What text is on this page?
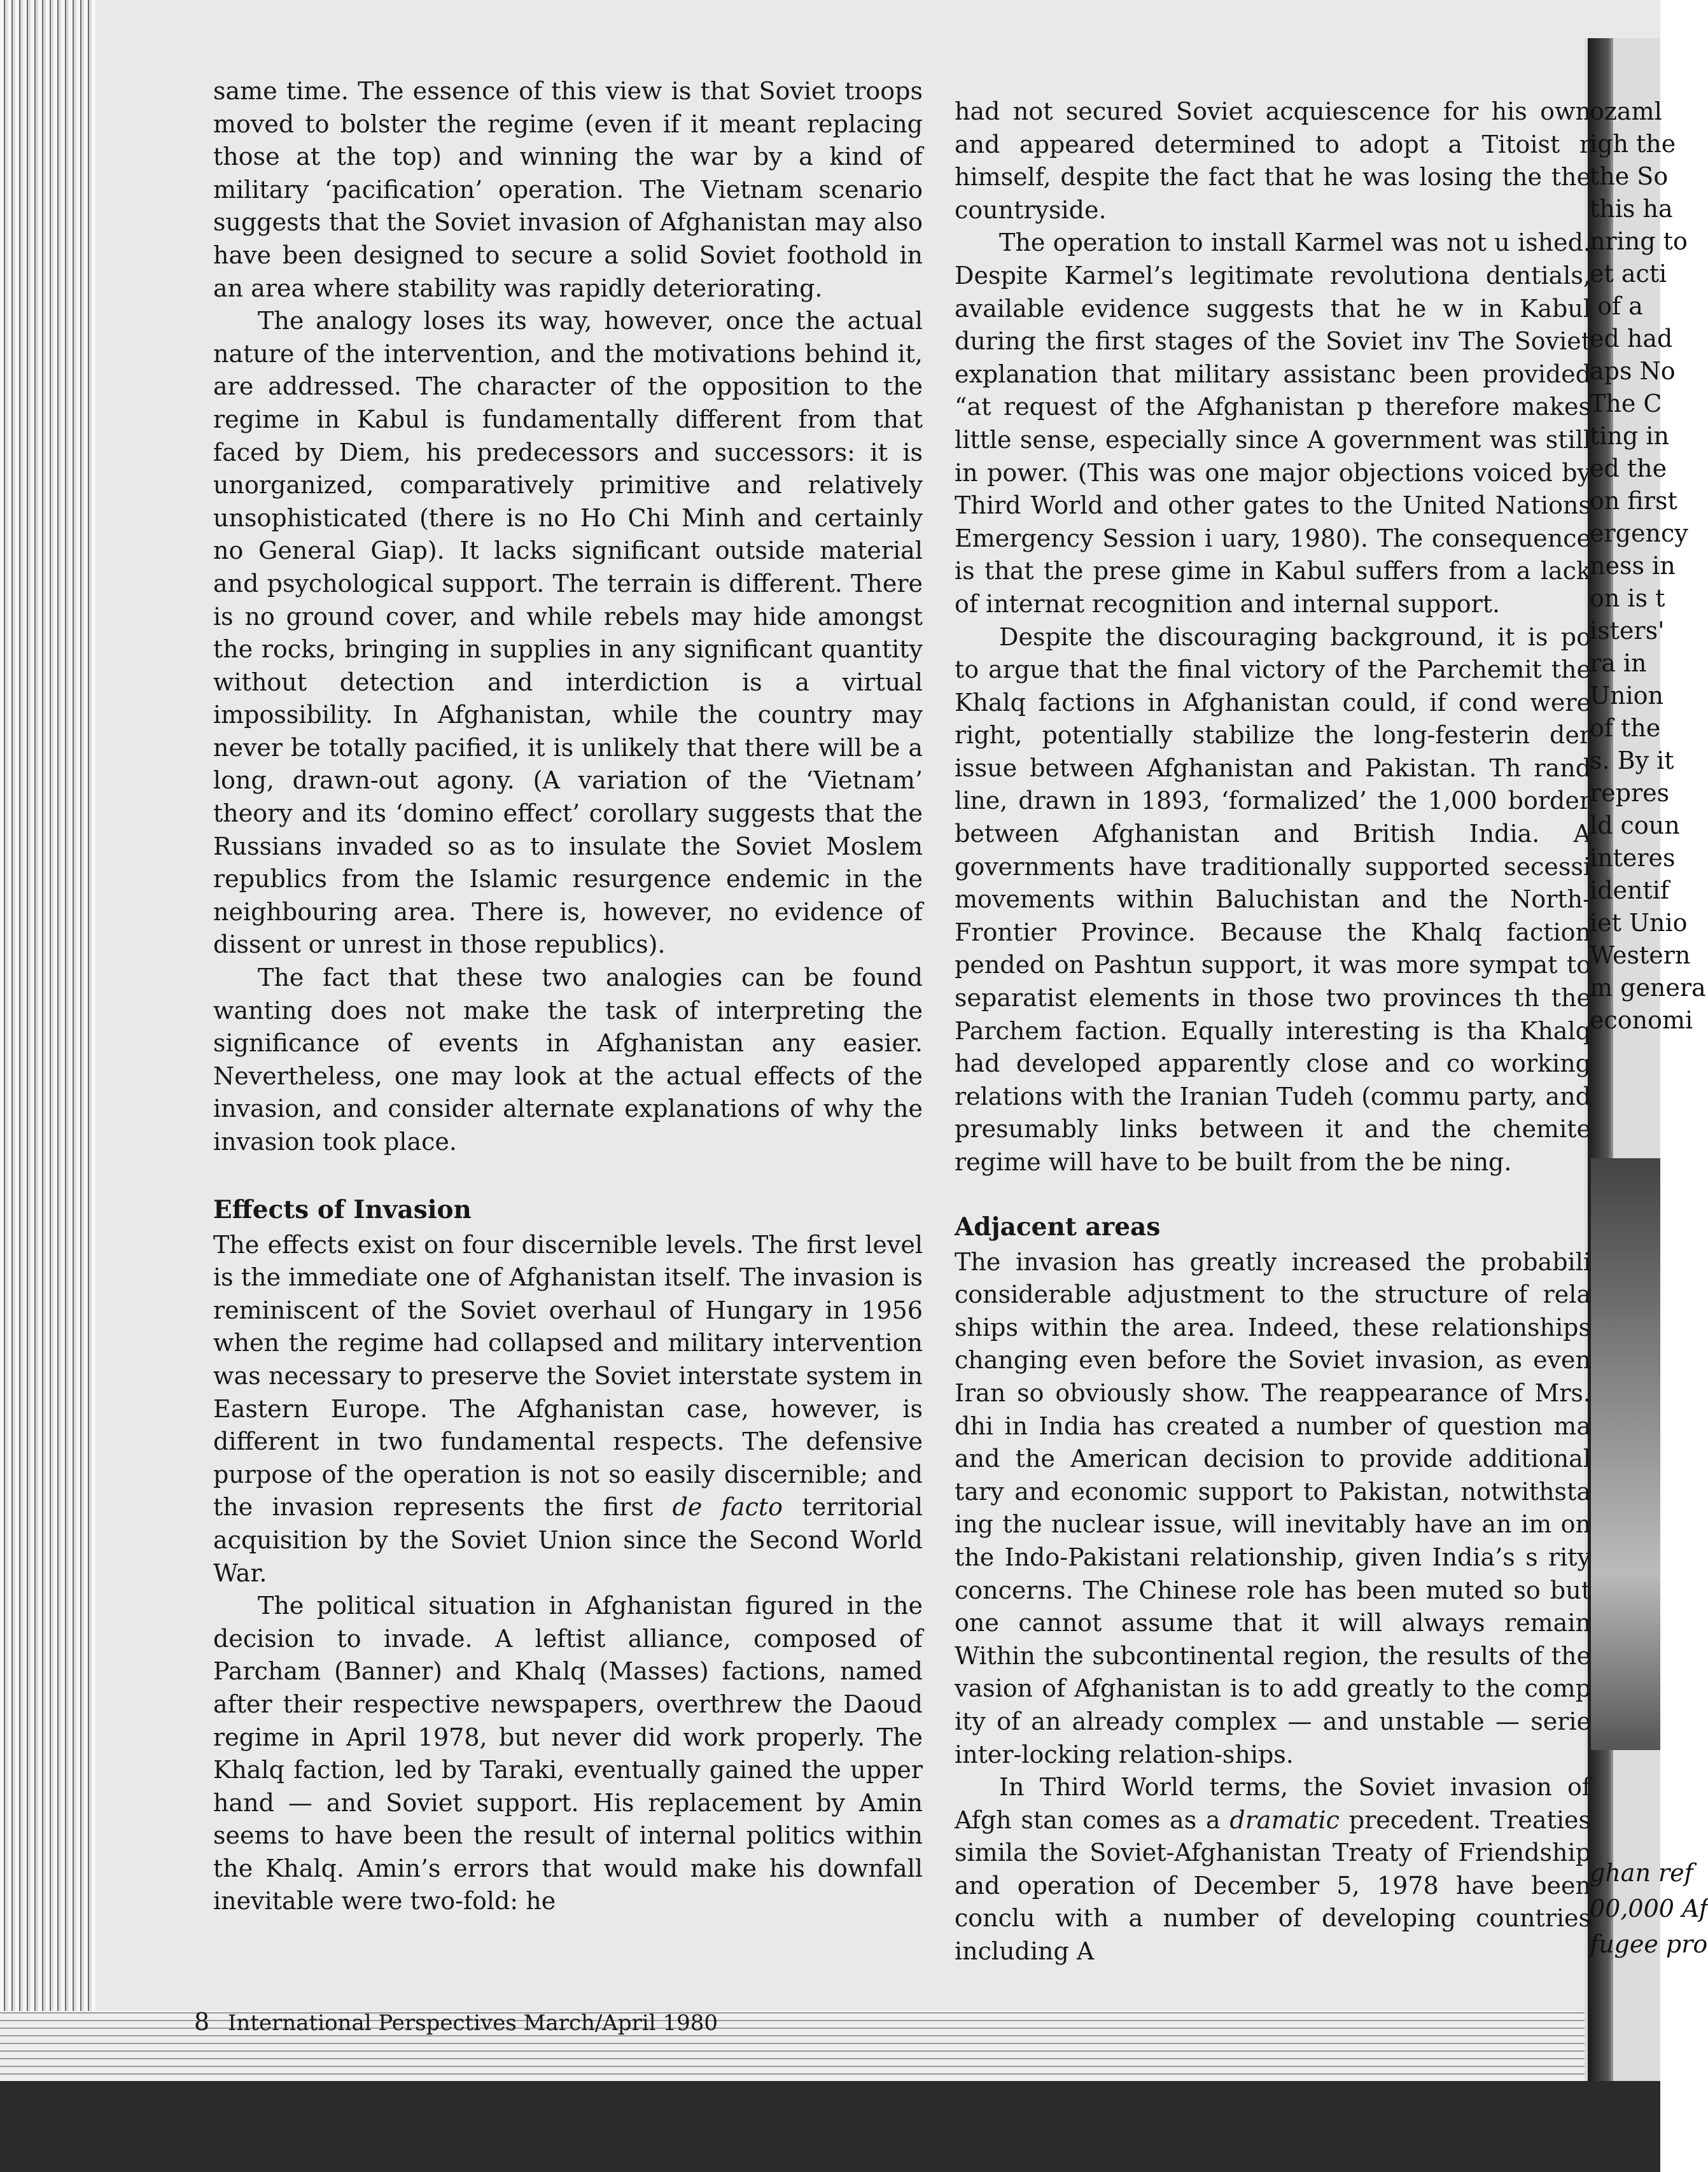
ozaml
igh the
the So
this ha
nring to
et acti
of a
ed had
aps No
The C
ting in
ed the
on first
ergency
ness in
on is t
isters'
ra in
Union
of the
s. By it
repres
ld coun
interes
identif
iet Unio
Western
m genera
economi
ghan ref
00,000 Af
fugee pro

same time. The essence of this view is that Soviet troops moved to bolster the regime (even if it meant replacing those at the top) and winning the war by a kind of military ‘pacification’ operation. The Vietnam scenario suggests that the Soviet invasion of Afghanistan may also have been designed to secure a solid Soviet foothold in an area where stability was rapidly deteriorating.

The analogy loses its way, however, once the actual nature of the intervention, and the motivations behind it, are addressed. The character of the opposition to the regime in Kabul is fundamentally different from that faced by Diem, his predecessors and successors: it is unorganized, comparatively primitive and relatively unsophisticated (there is no Ho Chi Minh and certainly no General Giap). It lacks significant outside material and psychological support. The terrain is different. There is no ground cover, and while rebels may hide amongst the rocks, bringing in supplies in any significant quantity without detection and interdiction is a virtual impossibility. In Afghanistan, while the country may never be totally pacified, it is unlikely that there will be a long, drawn-out agony. (A variation of the ‘Vietnam’ theory and its ‘domino effect’ corollary suggests that the Russians invaded so as to insulate the Soviet Moslem republics from the Islamic resurgence endemic in the neighbouring area. There is, however, no evidence of dissent or unrest in those republics).

The fact that these two analogies can be found wanting does not make the task of interpreting the significance of events in Afghanistan any easier. Nevertheless, one may look at the actual effects of the invasion, and consider alternate explanations of why the invasion took place.

Effects of Invasion

The effects exist on four discernible levels. The first level is the immediate one of Afghanistan itself. The invasion is reminiscent of the Soviet overhaul of Hungary in 1956 when the regime had collapsed and military intervention was necessary to preserve the Soviet interstate system in Eastern Europe. The Afghanistan case, however, is different in two fundamental respects. The defensive purpose of the operation is not so easily discernible; and the invasion represents the first de facto territorial acquisition by the Soviet Union since the Second World War.

The political situation in Afghanistan figured in the decision to invade. A leftist alliance, composed of Parcham (Banner) and Khalq (Masses) factions, named after their respective newspapers, overthrew the Daoud regime in April 1978, but never did work properly. The Khalq faction, led by Taraki, eventually gained the upper hand — and Soviet support. His replacement by Amin seems to have been the result of internal politics within the Khalq. Amin’s errors that would make his downfall inevitable were two-fold: he

had not secured Soviet acquiescence for his own and appeared determined to adopt a Titoist r himself, despite the fact that he was losing the the countryside.

The operation to install Karmel was not u ished. Despite Karmel’s legitimate revolutiona dentials, available evidence suggests that he w in Kabul during the first stages of the Soviet inv The Soviet explanation that military assistanc been provided “at request of the Afghanistan p therefore makes little sense, especially since A government was still in power. (This was one major objections voiced by Third World and other gates to the United Nations Emergency Session i uary, 1980). The consequence is that the prese gime in Kabul suffers from a lack of internat recognition and internal support.

Despite the discouraging background, it is po to argue that the final victory of the Parchemit the Khalq factions in Afghanistan could, if cond were right, potentially stabilize the long-festerin der issue between Afghanistan and Pakistan. Th rand line, drawn in 1893, ‘formalized’ the 1,000 border between Afghanistan and British India. A governments have traditionally supported secessi movements within Baluchistan and the North- Frontier Province. Because the Khalq faction pended on Pashtun support, it was more sympat to separatist elements in those two provinces th the Parchem faction. Equally interesting is tha Khalq had developed apparently close and co working relations with the Iranian Tudeh (commu party, and presumably links between it and the chemite regime will have to be built from the be ning.

Adjacent areas

The invasion has greatly increased the probabili considerable adjustment to the structure of rela ships within the area. Indeed, these relationships changing even before the Soviet invasion, as even Iran so obviously show. The reappearance of Mrs. dhi in India has created a number of question ma and the American decision to provide additional tary and economic support to Pakistan, notwithsta ing the nuclear issue, will inevitably have an im on the Indo-Pakistani relationship, given India’s s rity concerns. The Chinese role has been muted so but one cannot assume that it will always remain Within the subcontinental region, the results of the vasion of Afghanistan is to add greatly to the comp ity of an already complex — and unstable — serie inter-locking relation-ships.

In Third World terms, the Soviet invasion of Afgh stan comes as a dramatic precedent. Treaties simila the Soviet-Afghanistan Treaty of Friendship and operation of December 5, 1978 have been conclu with a number of developing countries including A

8 International Perspectives March/April 1980
